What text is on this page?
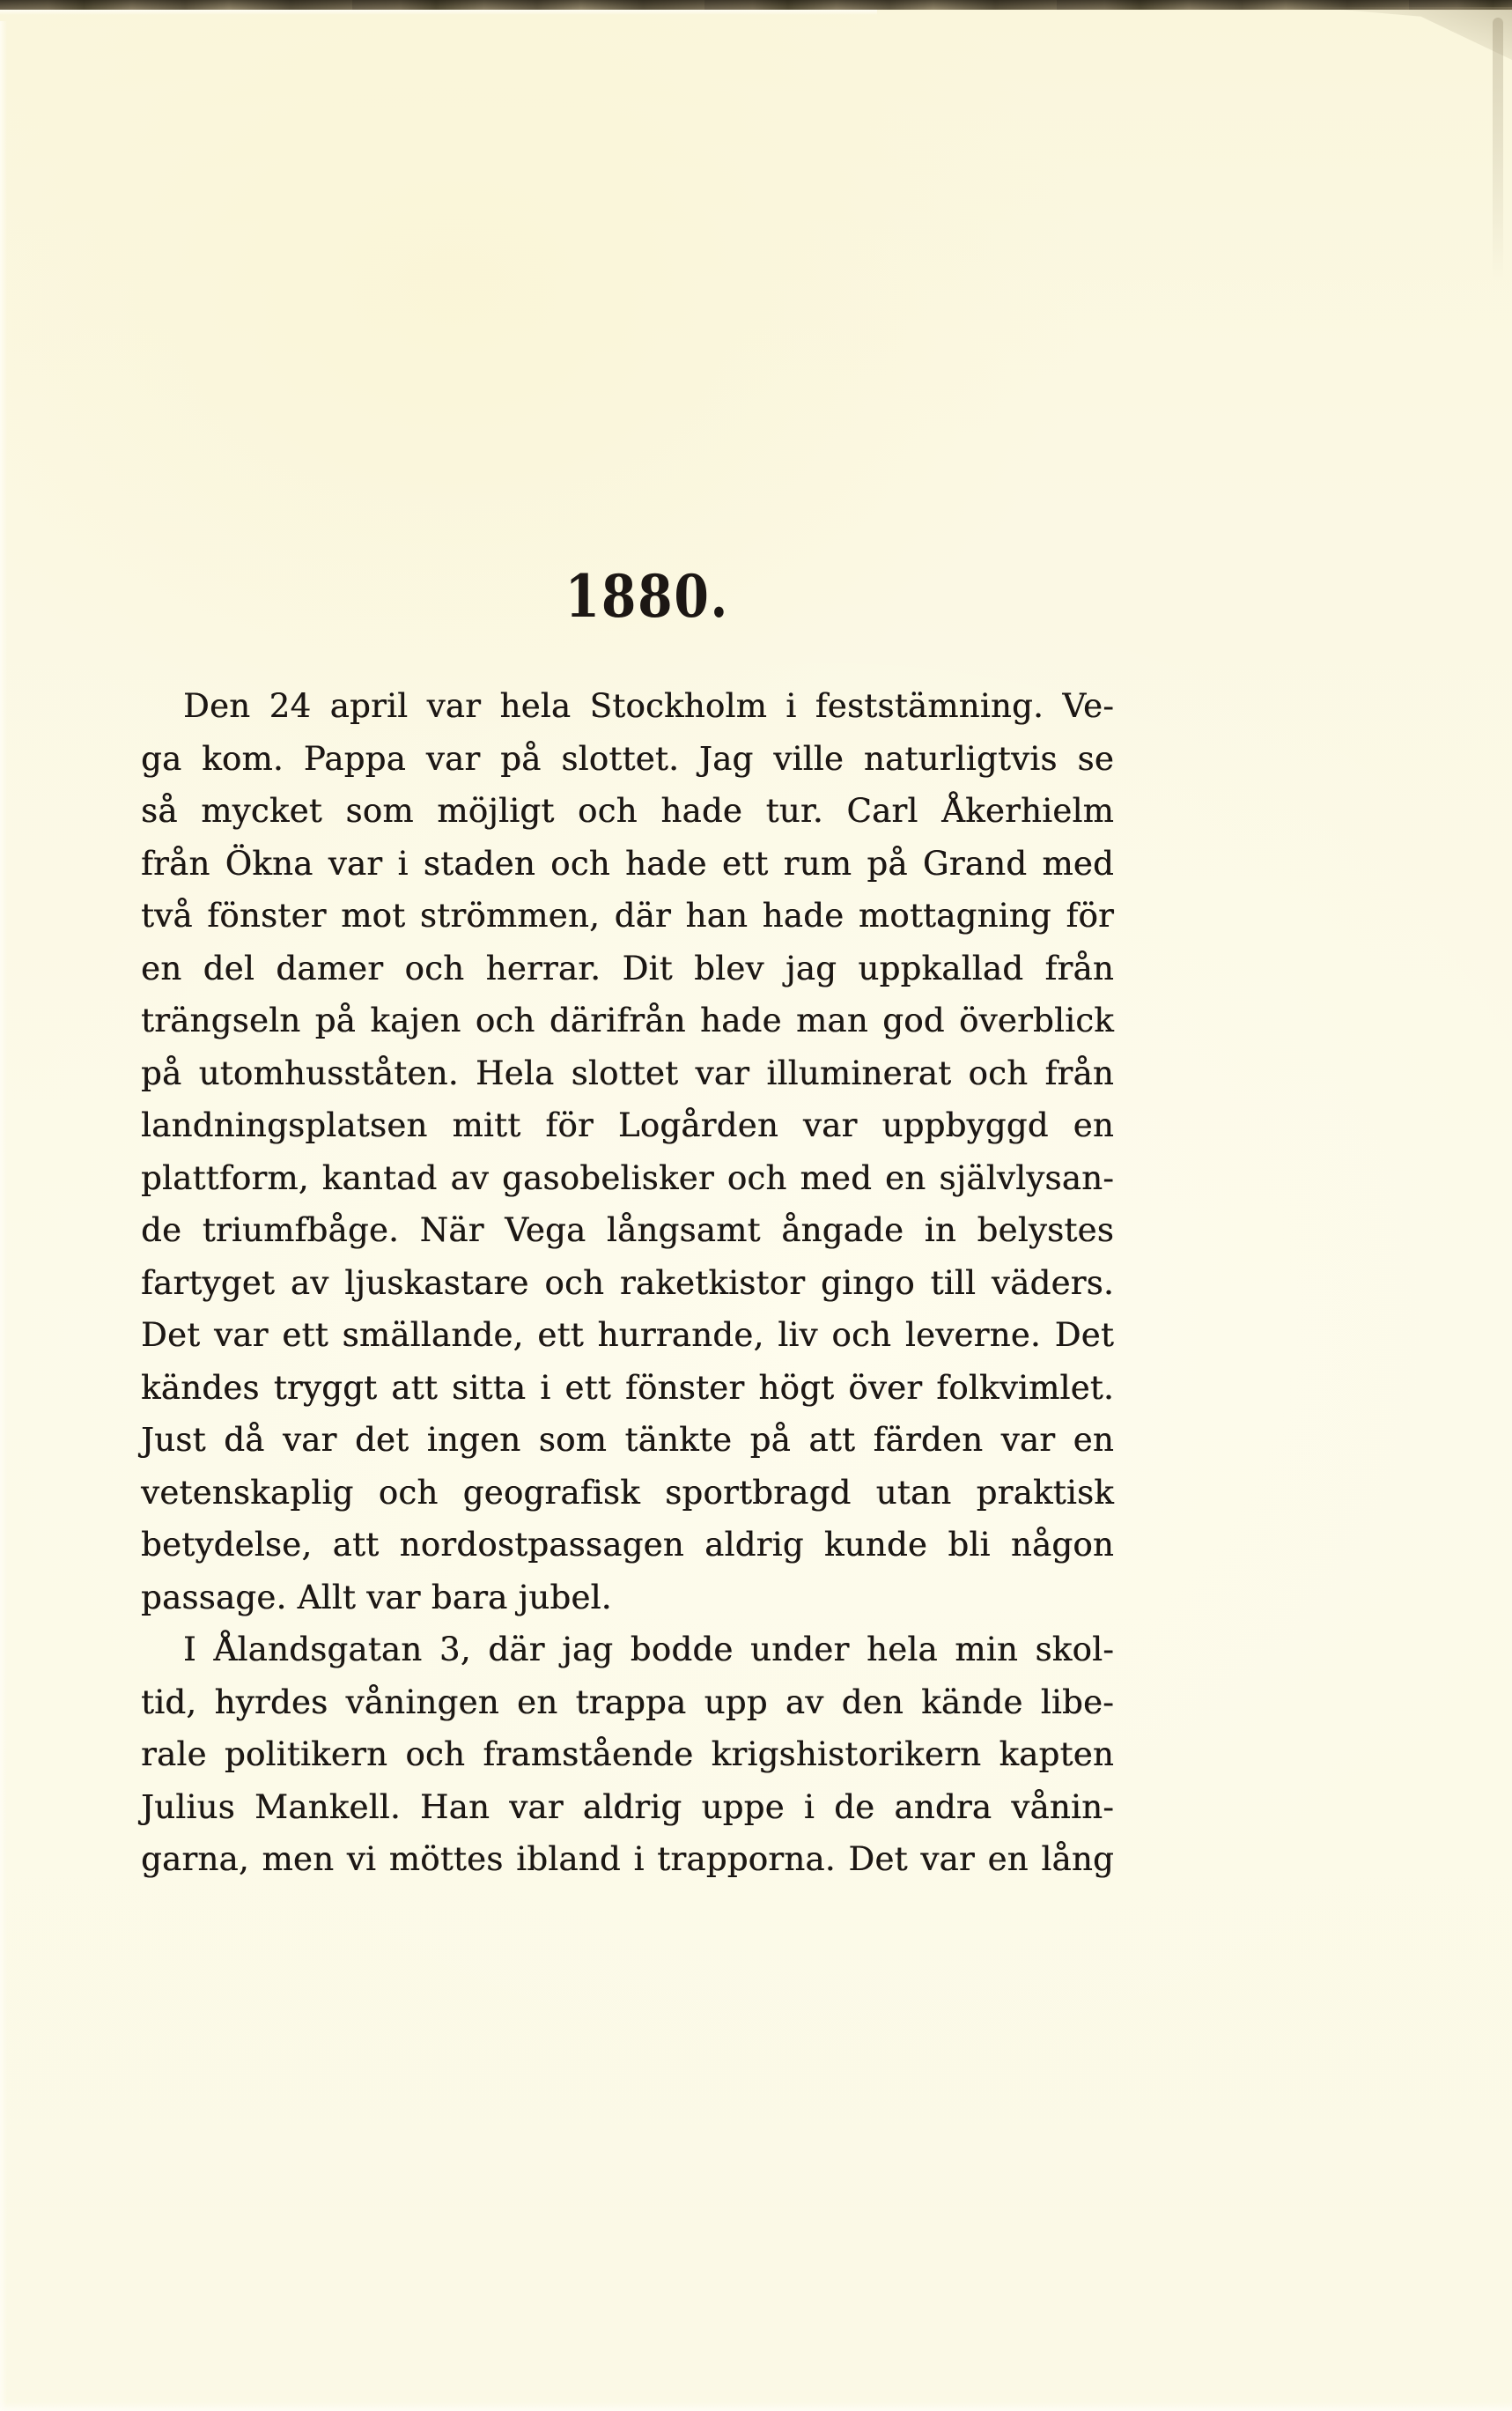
1880.
Den 24 april var hela Stockholm i feststämning. Ve-
ga kom. Pappa var på slottet. Jag ville naturligtvis se
så mycket som möjligt och hade tur. Carl Åkerhielm
från Ökna var i staden och hade ett rum på Grand med
två fönster mot strömmen, där han hade mottagning för
en del damer och herrar. Dit blev jag uppkallad från
trängseln på kajen och därifrån hade man god överblick
på utomhusståten. Hela slottet var illuminerat och från
landningsplatsen mitt för Logården var uppbyggd en
plattform, kantad av gasobelisker och med en självlysan-
de triumfbåge. När Vega långsamt ångade in belystes
fartyget av ljuskastare och raketkistor gingo till väders.
Det var ett smällande, ett hurrande, liv och leverne. Det
kändes tryggt att sitta i ett fönster högt över folkvimlet.
Just då var det ingen som tänkte på att färden var en
vetenskaplig och geografisk sportbragd utan praktisk
betydelse, att nordostpassagen aldrig kunde bli någon
passage. Allt var bara jubel.
I Ålandsgatan 3, där jag bodde under hela min skol-
tid, hyrdes våningen en trappa upp av den kände libe-
rale politikern och framstående krigshistorikern kapten
Julius Mankell. Han var aldrig uppe i de andra vånin-
garna, men vi möttes ibland i trapporna. Det var en lång
